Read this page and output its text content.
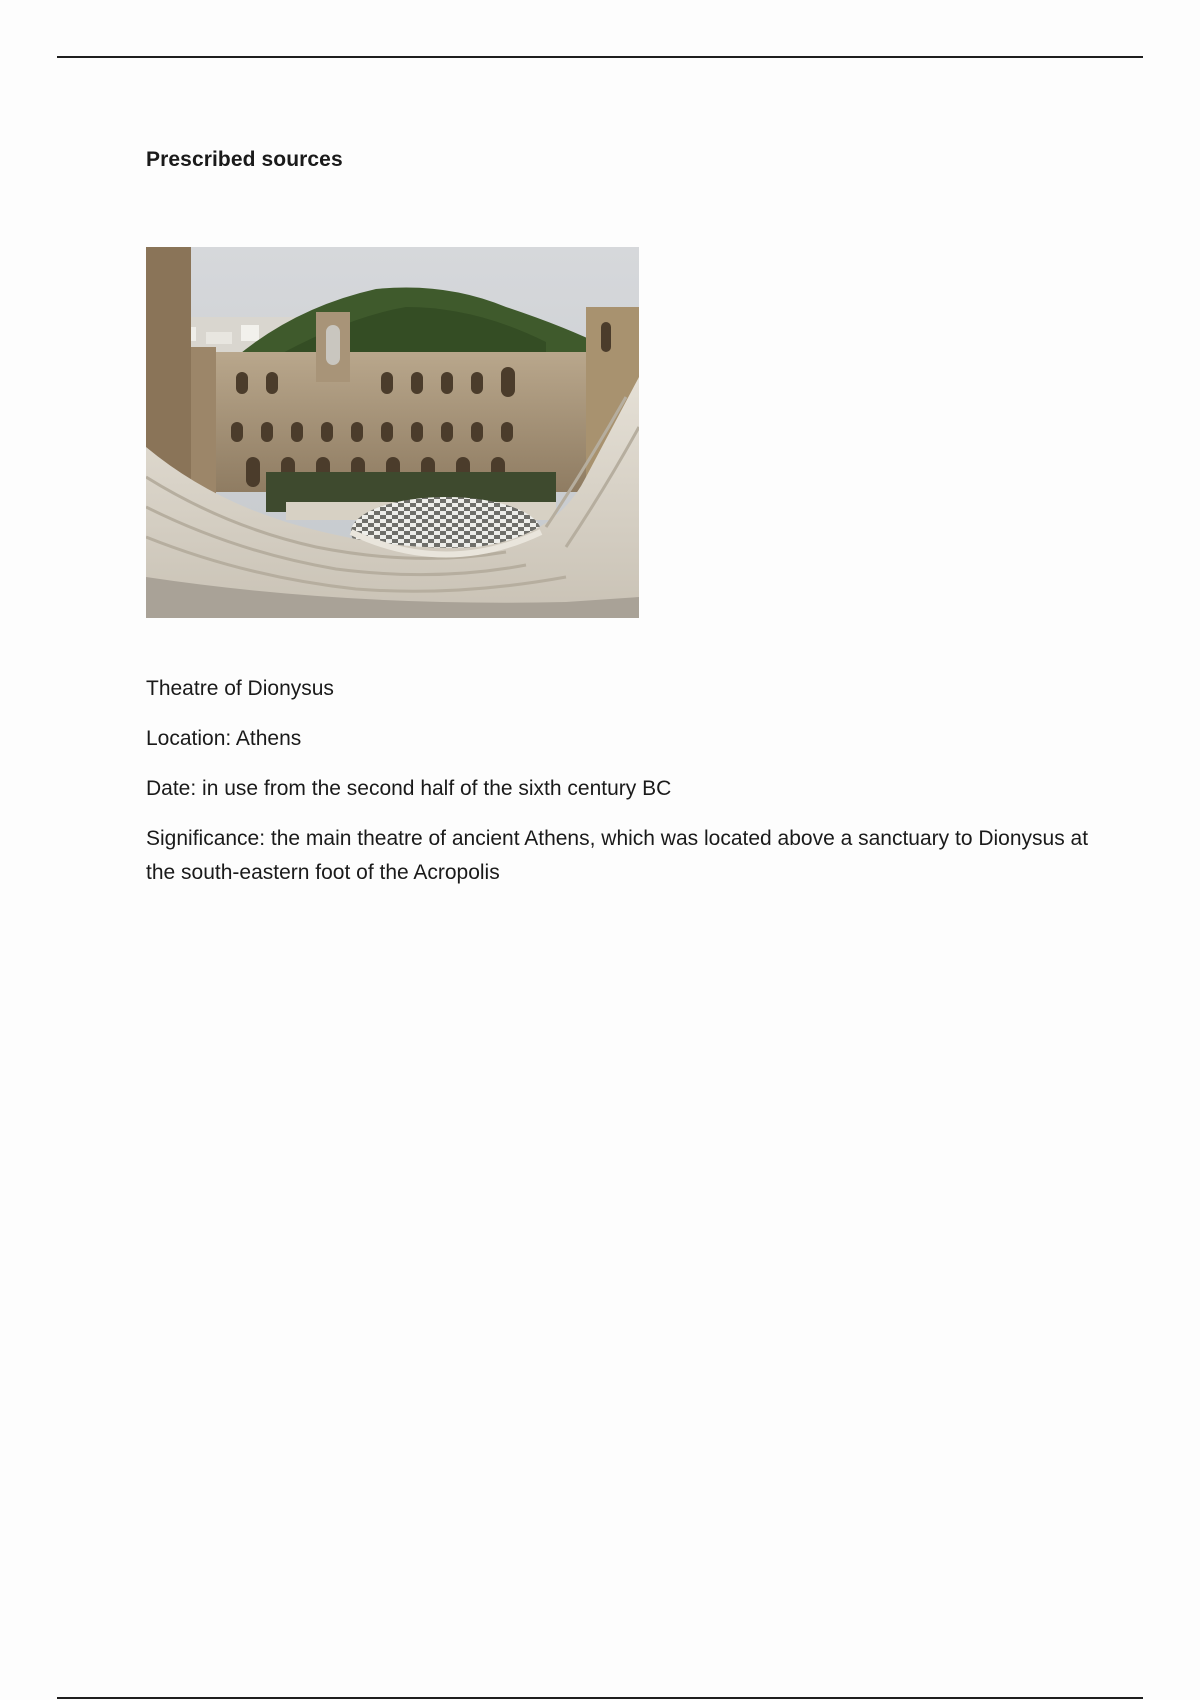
Prescribed sources

Theatre of Dionysus

Location: Athens

Date: in use from the second half of the sixth century BC

Significance: the main theatre of ancient Athens, which was located above a sanctuary to Dionysus at the south-eastern foot of the Acropolis
